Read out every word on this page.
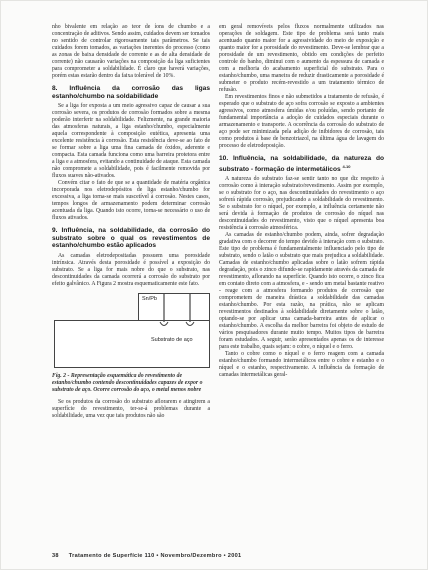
nho bivalente em relação ao teor de íons de chumbo e a concentração de aditivos. Sendo assim, cuidados devem ser tomados no sentido de controlar rigorosamente tais parâmetros. Se tais cuidados forem tomados, as variações inerentes do processo (como as zonas de baixa densidade de corrente e as de alta densidade de corrente) não causarão variações na composição da liga suficientes para comprometer a soldabilidade. É claro que haverá variações, porém estas estarão dentro da faixa tolerável de 10%.

8. Influência da corrosão das ligas estanho/chumbo na soldabilidade

Se a liga for exposta a um meio agressivo capaz de causar a sua corrosão severa, os produtos de corrosão formados sobre a mesma poderão interferir na soldabilidade. Felizmente, na grande maioria das atmosferas naturais, a liga estanho/chumbo, especialmente aquela correspondente à composição eutética, apresenta uma excelente resistência à corrosão. Esta resistência deve-se ao fato de se formar sobre a liga uma fina camada de óxidos, aderente e compacta. Esta camada funciona como uma barreira protetora entre a liga e a atmosfera, evitando a continuidade de ataque. Esta camada não compromete a soldabilidade, pois é facilmente removida por fluxos suaves não-ativados.

Convém citar o fato de que se a quantidade de matéria orgânica incorporada nos eletrodepósitos de liga estanho/chumbo for excessiva, a liga torna-se mais suscetível à corrosão. Nestes casos, tempos longos de armazenamento podem determinar corrosão acentuada da liga. Quando isto ocorre, torna-se necessário o uso de fluxos ativados.

9. Influência, na soldabilidade, da corrosão do substrato sobre o qual os revestimentos de estanho/chumbo estão aplicados

As camadas eletrodepositadas possuem uma porosidade intrínsica. Através desta porosidade é possível a exposição do substrato. Se a liga for mais nobre do que o substrato, nas descontinuidades da camada ocorrerá a corrosão do substrato por efeito galvânico. A Figura 2 mostra esquematicamente este fato.

Sn/Pb
Substrato de aço
Fig. 2 - Representação esquemática do revestimento de estanho/chumbo contendo descontinuidades capazes de expor o substrato de aço. Ocorre corrosão do aço, o metal menos nobre

Se os produtos da corrosão do substrato aflorarem e atingirem a superfície do revestimento, ter-se-á problemas durante a soldabilidade, uma vez que tais produtos não são

em geral removíveis pelos fluxos normalmente utilizados nas operações de soldagem. Este tipo de problema será tanto mais acentuado quanto maior for a agressividade do meio de exposição e quanto maior for a porosidade do revestimento. Deve-se lembrar que a porosidade de um revestimento, obtido em condições de perfeito controle do banho, diminui com o aumento da espessura de camada e com a melhoria do acabamento superficial do substrato. Para o estanho/chumbo, uma maneira de reduzir drasticamente a porosidade é submeter o produto recém-revestido a um tratamento térmico de refusão.

Em revestimentos finos e não submetidos a tratamento de refusão, é esperado que o substrato de aço sofra corrosão se exposto a ambientes agressivos, como atmosfera úmidas e/ou poluídas, sendo portanto de fundamental importância a adoção de cuidados especiais durante o armazenamento e transporte. A ocorrência da corrosão do substrato de aço pode ser minimizada pela adição de inibidores de corrosão, tais como produtos à base de benzotriazol, na última água de lavagem do processo de eletrodeposição.

10. Influência, na soldabilidade, da natureza do substrato - formação de intermetálicos $^{4-10}$

A natureza do substrato faz-se sentir tanto no que diz respeito à corrosão como à interação substrato/revestimento. Assim por exemplo, se o substrato for o aço, nas descontinuidades do revestimento o aço sofrerá rápida corrosão, prejudicando a soldabilidade do revestimento. Se o substrato for o níquel, por exemplo, a influência certamente não será devida à formação de produtos de corrosão do níquel nas descontinuidades do revestimento, visto que o níquel apresenta boa resistência à corrosão atmosférica.

As camadas de estanho/chumbo podem, ainda, sofrer degradação gradativa com o decorrer do tempo devido à interação com o substrato. Este tipo de problema é fundamentalmente influenciado pelo tipo de substrato, sendo o latão o substrato que mais prejudica a soldabilidade. Camadas de estanho/chumbo aplicadas sobre o latão sofrem rápida degradação, pois o zinco difunde-se rapidamente através da camada de revestimento, aflorando na superfície. Quando isto ocorre, o zinco fica em contato direto com a atmosfera, e - sendo um metal bastante reativo - reage com a atmosfera formando produtos de corrosão que comprometem de maneira drástica a soldabilidade das camadas estanho/chumbo. Por esta razão, na prática, não se aplicam revestimentos destinados à soldabilidade diretamente sobre o latão, optando-se por aplicar uma camada-barreira antes de aplicar o estanho/chumbo. A escolha da melhor barreira foi objeto de estudo de vários pesquisadores durante muito tempo. Muitos tipos de barreira foram estudados. A seguir, serão apresentados apenas os de interesse para este trabalho, quais sejam: o cobre, o níquel e o ferro.

Tanto o cobre como o níquel e o ferro reagem com a camada estanho/chumbo formando intermetálicos entre o cobre e estanho e o níquel e o estanho, respectivamente. A influência da formação de camadas intermetálicas geral-

38 Tratamento de Superfície 110 • Novembro/Dezembro • 2001
